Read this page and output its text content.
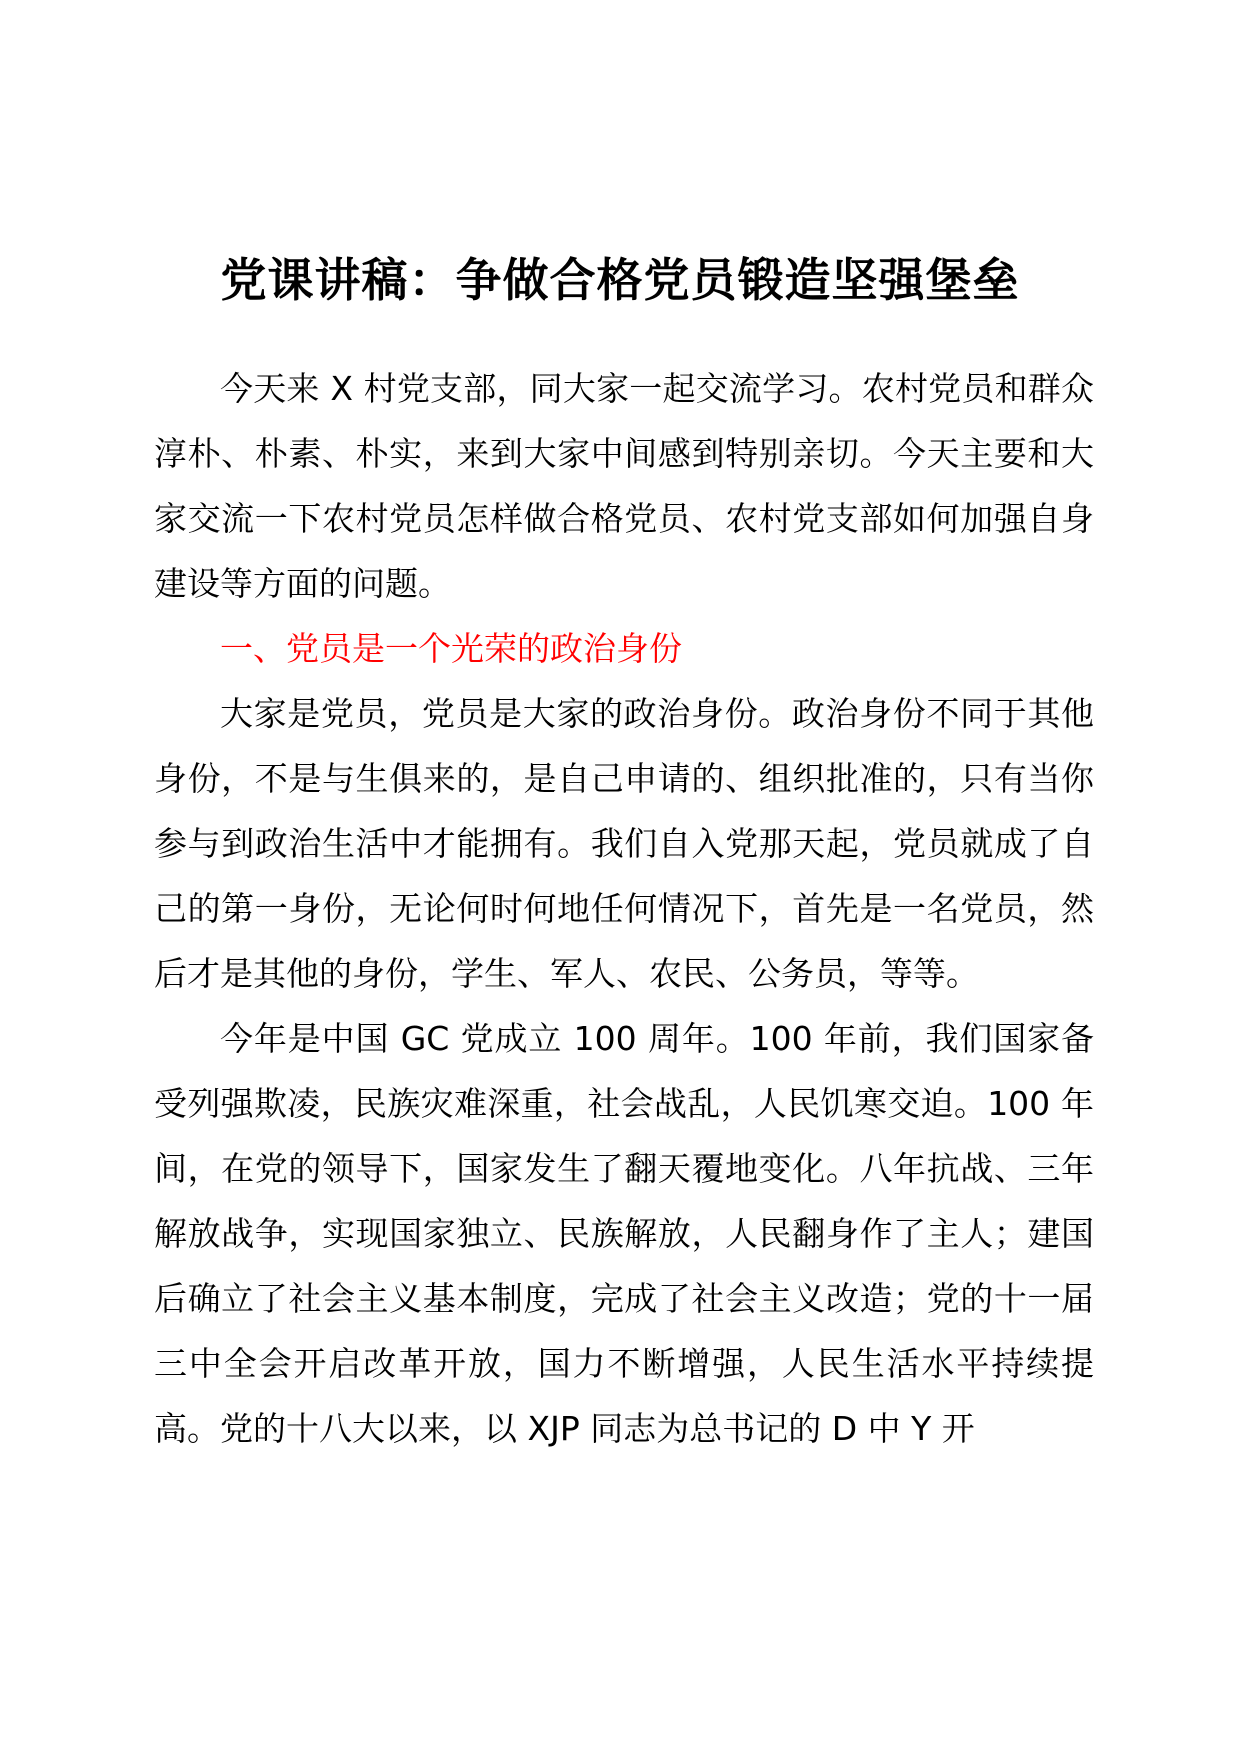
党课讲稿：争做合格党员锻造坚强堡垒

今天来 X 村党支部，同大家一起交流学习。农村党员和群众淳朴、朴素、朴实，来到大家中间感到特别亲切。今天主要和大家交流一下农村党员怎样做合格党员、农村党支部如何加强自身建设等方面的问题。

一、党员是一个光荣的政治身份

大家是党员，党员是大家的政治身份。政治身份不同于其他身份，不是与生俱来的，是自己申请的、组织批准的，只有当你参与到政治生活中才能拥有。我们自入党那天起，党员就成了自己的第一身份，无论何时何地任何情况下，首先是一名党员，然后才是其他的身份，学生、军人、农民、公务员，等等。

今年是中国 GC 党成立 100 周年。100 年前，我们国家备受列强欺凌，民族灾难深重，社会战乱，人民饥寒交迫。100 年间，在党的领导下，国家发生了翻天覆地变化。八年抗战、三年解放战争，实现国家独立、民族解放，人民翻身作了主人；建国后确立了社会主义基本制度，完成了社会主义改造；党的十一届三中全会开启改革开放，国力不断增强，人民生活水平持续提高。党的十八大以来，以 XJP 同志为总书记的 D 中 Y 开
